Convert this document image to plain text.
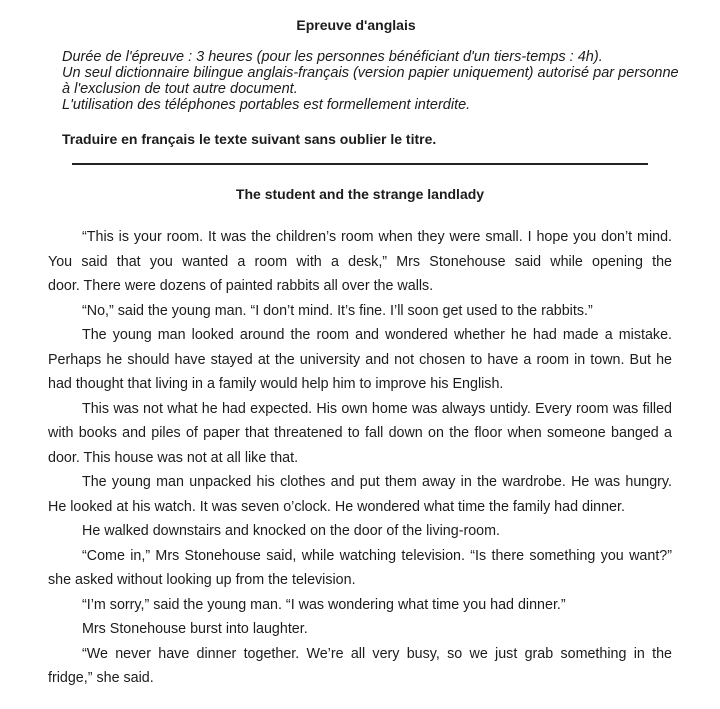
Epreuve d'anglais
Durée de l'épreuve : 3 heures (pour les personnes bénéficiant d'un tiers-temps : 4h).
Un seul dictionnaire bilingue anglais-français (version papier uniquement) autorisé par personne
à l'exclusion de tout autre document.
L'utilisation des téléphones portables est formellement interdite.
Traduire en français le texte suivant sans oublier le titre.
The student and the strange landlady
“This is your room. It was the children’s room when they were small. I hope you don’t mind.
You said that you wanted a room with a desk,” Mrs Stonehouse said while opening the
door. There were dozens of painted rabbits all over the walls.
“No,” said the young man. “I don’t mind. It’s fine. I’ll soon get used to the rabbits.”
The young man looked around the room and wondered whether he had made a mistake.
Perhaps he should have stayed at the university and not chosen to have a room in town. But he
had thought that living in a family would help him to improve his English.
This was not what he had expected. His own home was always untidy. Every room was filled
with books and piles of paper that threatened to fall down on the floor when someone banged a
door. This house was not at all like that.
The young man unpacked his clothes and put them away in the wardrobe. He was hungry.
He looked at his watch. It was seven o’clock. He wondered what time the family had dinner.
He walked downstairs and knocked on the door of the living-room.
“Come in,” Mrs Stonehouse said, while watching television. “Is there something you want?”
she asked without looking up from the television.
“I’m sorry,” said the young man. “I was wondering what time you had dinner.”
Mrs Stonehouse burst into laughter.
“We never have dinner together. We’re all very busy, so we just grab something in the
fridge,” she said.
